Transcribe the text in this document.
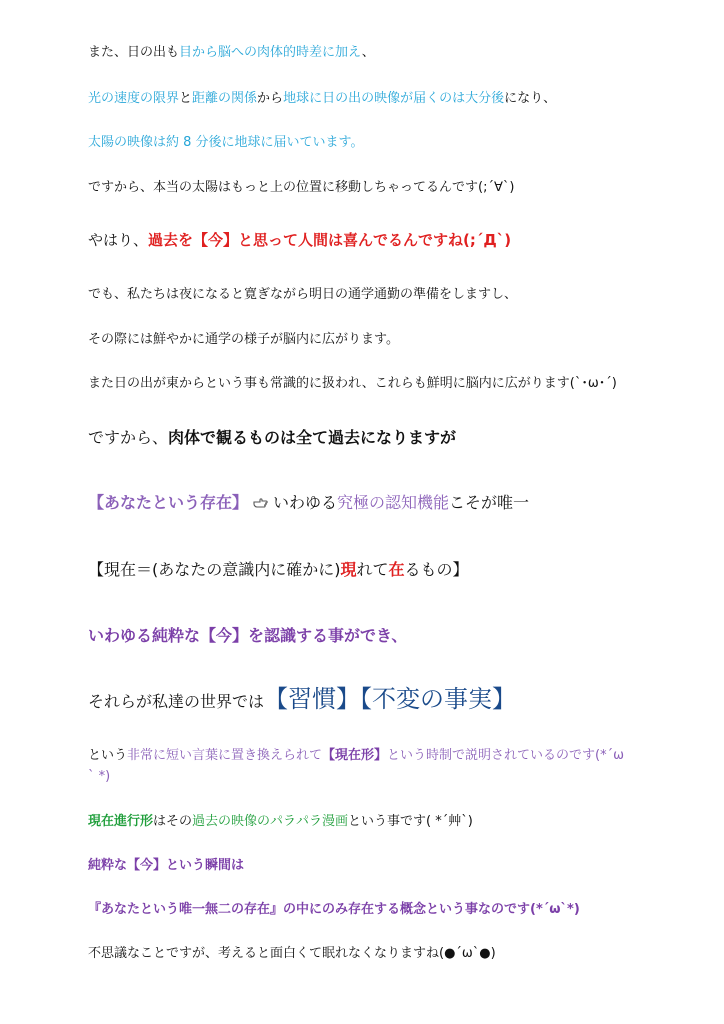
また、日の出も目から脳への肉体的時差に加え、
光の速度の限界と距離の関係から地球に日の出の映像が届くのは大分後になり、
太陽の映像は約 8 分後に地球に届いています。
ですから、本当の太陽はもっと上の位置に移動しちゃってるんです(;´∀`)
やはり、過去を【今】と思って人間は喜んでるんですね(;´Д`)
でも、私たちは夜になると寛ぎながら明日の通学通勤の準備をしますし、
その際には鮮やかに通学の様子が脳内に広がります。
また日の出が東からという事も常識的に扱われ、これらも鮮明に脳内に広がります(`･ω･´)
ですから、肉体で観るものは全て過去になりますが
【あなたという存在】 いわゆる究極の認知機能こそが唯一
【現在＝(あなたの意識内に確かに)現れて在るもの】
いわゆる純粋な【今】を認識する事ができ、
それらが私達の世界では【習慣】【不変の事実】
という非常に短い言葉に置き換えられて【現在形】という時制で説明されているのです(*´ω
` *)
現在進行形はその過去の映像のパラパラ漫画という事です( *´艸`)
純粋な【今】という瞬間は
『あなたという唯一無二の存在』の中にのみ存在する概念という事なのです(*´ω`*)
不思議なことですが、考えると面白くて眠れなくなりますね(●´ω`●)
